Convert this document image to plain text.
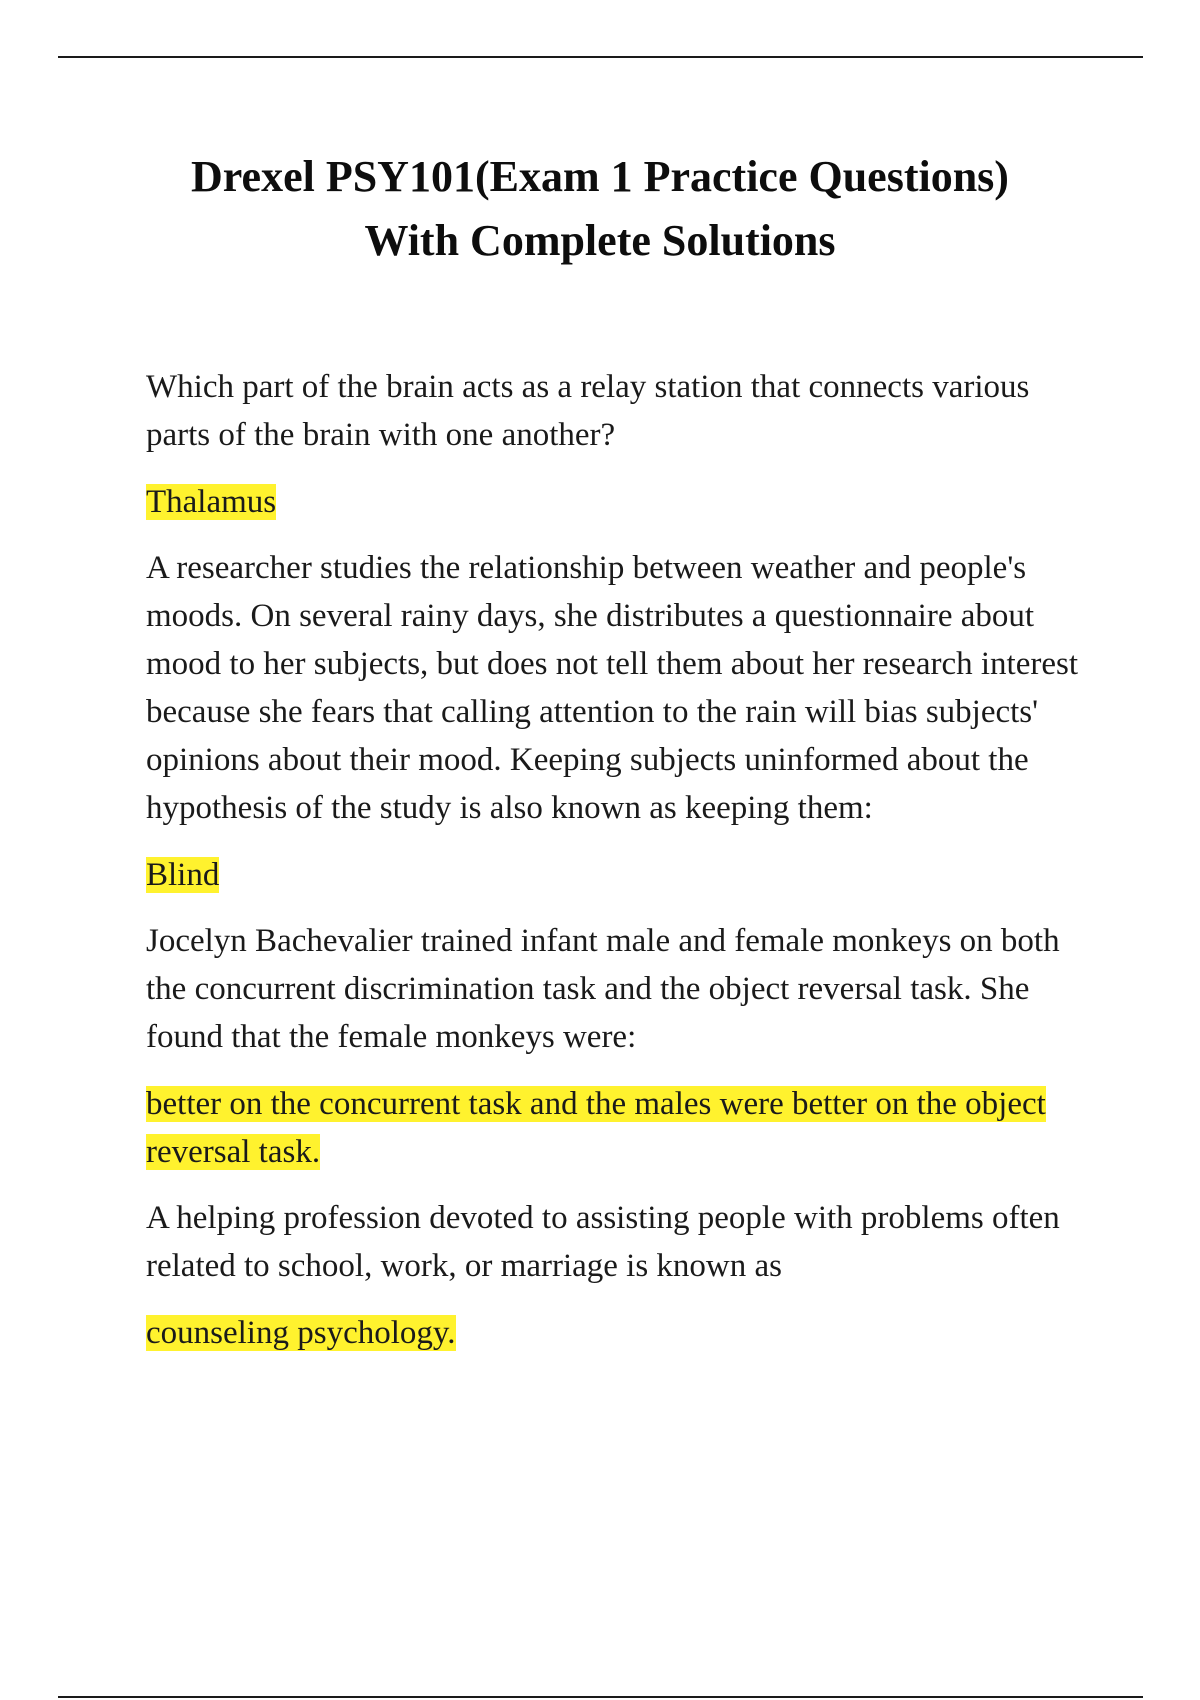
Drexel PSY101(Exam 1 Practice Questions)
With Complete Solutions

Which part of the brain acts as a relay station that connects various parts of the brain with one another?

Thalamus

A researcher studies the relationship between weather and people's moods. On several rainy days, she distributes a questionnaire about mood to her subjects, but does not tell them about her research interest because she fears that calling attention to the rain will bias subjects' opinions about their mood. Keeping subjects uninformed about the hypothesis of the study is also known as keeping them:

Blind

Jocelyn Bachevalier trained infant male and female monkeys on both the concurrent discrimination task and the object reversal task. She found that the female monkeys were:

better on the concurrent task and the males were better on the object reversal task.

A helping profession devoted to assisting people with problems often related to school, work, or marriage is known as

counseling psychology.
